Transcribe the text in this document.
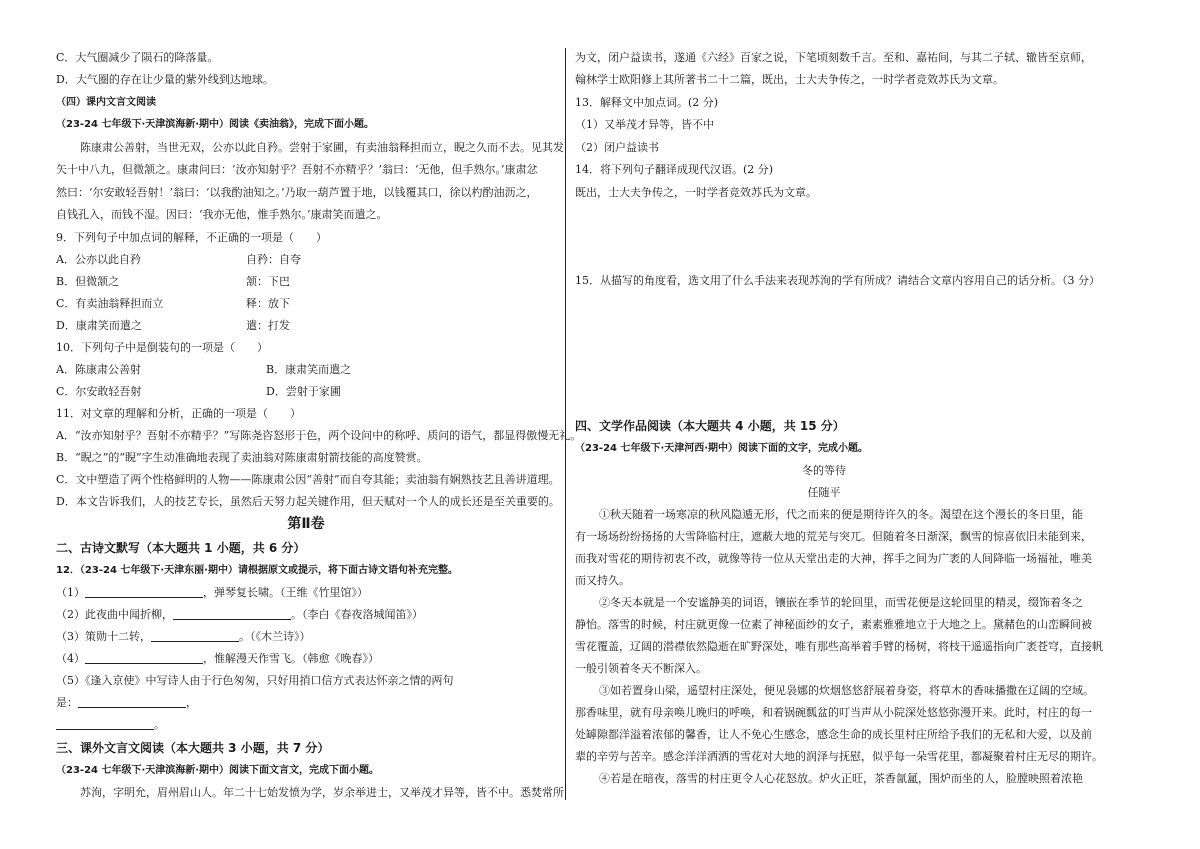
C．大气圈减少了陨石的降落量。
D．大气圈的存在让少量的紫外线到达地球。
（四）课内文言文阅读
（23-24 七年级下·天津滨海新·期中）阅读《卖油翁》，完成下面小题。
陈康肃公善射，当世无双，公亦以此自矜。尝射于家圃，有卖油翁释担而立，睨之久而不去。见其发
矢十中八九，但微颔之。康肃问曰：‘汝亦知射乎？吾射不亦精乎？’翁曰：‘无他，但手熟尔。’康肃忿
然曰：‘尔安敢轻吾射！’翁曰：‘以我酌油知之。’乃取一葫芦置于地，以钱覆其口，徐以杓酌油沥之，
自钱孔入，而钱不湿。因曰：‘我亦无他，惟手熟尔。’康肃笑而遣之。
9．下列句子中加点词的解释，不正确的一项是（　　）
A．公亦以此自矜	自矜：自夸
B．但微颔之	颔：下巴
C．有卖油翁释担而立	释：放下
D．康肃笑而遣之	遣：打发
10．下列句子中是倒装句的一项是（　　）
A．陈康肃公善射	B．康肃笑而遣之
C．尔安敢轻吾射	D．尝射于家圃
11．对文章的理解和分析，正确的一项是（　　）
A．“汝亦知射乎？吾射不亦精乎？”写陈尧咨怒形于色，两个设问中的称呼、质问的语气，都显得傲慢无礼。
B．“睨之”的“睨”字生动准确地表现了卖油翁对陈康肃射箭技能的高度赞赏。
C．文中塑造了两个性格鲜明的人物——陈康肃公因“善射”而自夸其能；卖油翁有娴熟技艺且善讲道理。
D．本文告诉我们，人的技艺专长，虽然后天努力起关键作用，但天赋对一个人的成长还是至关重要的。
第Ⅱ卷
二、古诗文默写（本大题共 1 小题，共 6 分）
12．（23-24 七年级下·天津东丽·期中）请根据原文或提示，将下面古诗文语句补充完整。
（1）	，弹琴复长啸。（王维《竹里馆》）
（2）此夜曲中闻折柳，	。（李白《春夜洛城闻笛》）
（3）策勋十二转，	。（《木兰诗》）
（4）	，惟解漫天作雪飞。（韩愈《晚春》）
（5）《逢入京使》中写诗人由于行色匆匆，只好用捎口信方式表达怀亲之情的两句
是：	，
。
三、课外文言文阅读（本大题共 3 小题，共 7 分）
（23-24 七年级下·天津滨海新·期中）阅读下面文言文，完成下面小题。
苏洵，字明允，眉州眉山人。年二十七始发愤为学，岁余举进士，又举茂才异等，皆不中。悉焚常所
为文，闭户益读书，遂通《六经》百家之说，下笔顷刻数千言。至和、嘉祐间，与其二子轼、辙皆至京师，
翰林学士欧阳修上其所著书二十二篇，既出，士大夫争传之，一时学者竞效苏氏为文章。
13．解释文中加点词。(2 分)
（1）又举茂才异等，皆不中
（2）闭户益读书
14．将下列句子翻译成现代汉语。(2 分)
既出，士大夫争传之，一时学者竞效苏氏为文章。
15．从描写的角度看，选文用了什么手法来表现苏洵的学有所成？请结合文章内容用自己的话分析。（3 分）
四、文学作品阅读（本大题共 4 小题，共 15 分）
（23-24 七年级下·天津河西·期中）阅读下面的文字，完成小题。
冬的等待
任随平
①秋天随着一场寒凉的秋风隐遁无形，代之而来的便是期待许久的冬。渴望在这个漫长的冬日里，能
有一场场纷纷扬扬的大雪降临村庄，遮蔽大地的荒芜与突兀。但随着冬日渐深，飘雪的惊喜依旧未能到来，
而我对雪花的期待初衷不改，就像等待一位从天堂出走的大神，挥手之间为广袤的人间降临一场福祉，唯美
而又持久。
②冬天本就是一个安谧静美的词语，镶嵌在季节的轮回里，而雪花便是这轮回里的精灵，缀饰着冬之
静怡。落雪的时候，村庄就更像一位素了神秘面纱的女子，素素雅雅地立于大地之上。黛赭色的山峦瞬间被
雪花覆盖，辽阔的潜襟依然隐逝在旷野深处，唯有那些高举着手臂的杨树，将枝干遥遥指向广袤苍穹，直接帆
一般引领着冬天不断深入。
③如若置身山梁，遥望村庄深处，便见袅娜的炊烟悠悠舒展着身姿，将草木的香味播撒在辽阔的空域。
那香味里，就有母亲唤儿晚归的呼唤，和着锅碗瓢盆的叮当声从小院深处悠悠弥漫开来。此时，村庄的每一
处罅隙都洋溢着浓郁的馨香，让人不免心生感念，感念生命的成长里村庄所给予我们的无私和大爱，以及前
辈的辛劳与苦辛。感念洋洋洒洒的雪花对大地的润泽与抚慰，似乎每一朵雪花里，都凝聚着村庄无尽的期许。
④若是在暗夜，落雪的村庄更令人心花怒放。炉火正旺，茶香氤氲，围炉而坐的人，脸膛映照着浓艳
